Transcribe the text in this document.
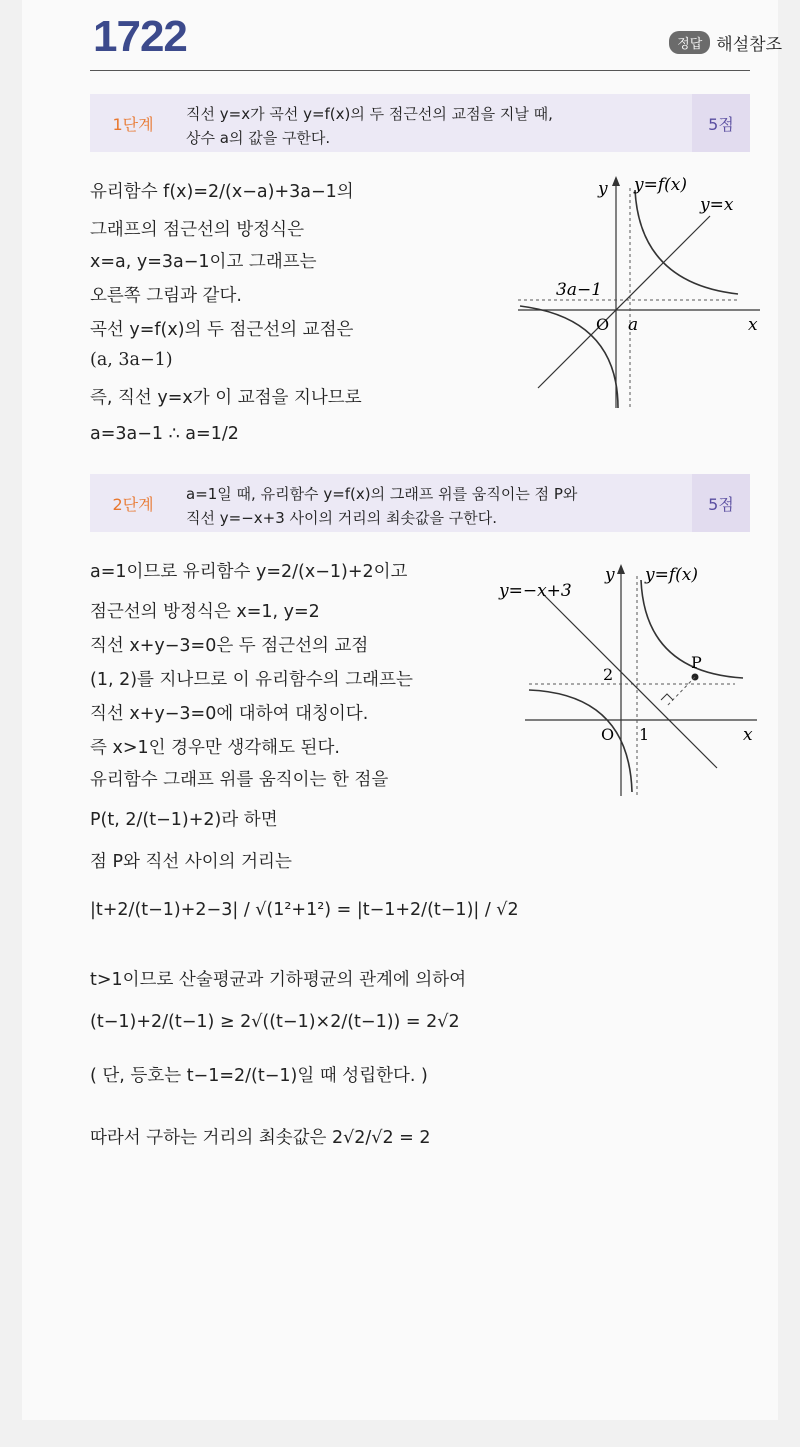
1722	정답 해설참조
1단계
직선 y=x가 곡선 y=f(x)의 두 점근선의 교점을 지날 때,
상수 a의 값을 구한다.
5점
유리함수 f(x)=2/(x−a)+3a−1의
그래프의 점근선의 방정식은
x=a, y=3a−1이고 그래프는
오른쪽 그림과 같다.
곡선 y=f(x)의 두 점근선의 교점은
(a, 3a−1)
즉, 직선 y=x가 이 교점을 지나므로
a=3a−1 ∴ a=1/2
y
x
O
y=f(x)
y=x
3a−1
a
2단계
a=1일 때, 유리함수 y=f(x)의 그래프 위를 움직이는 점 P와
직선 y=−x+3 사이의 거리의 최솟값을 구한다.
5점
a=1이므로 유리함수 y=2/(x−1)+2이고
점근선의 방정식은 x=1, y=2
직선 x+y−3=0은 두 점근선의 교점
(1, 2)를 지나므로 이 유리함수의 그래프는
직선 x+y−3=0에 대하여 대칭이다.
즉 x>1인 경우만 생각해도 된다.
유리함수 그래프 위를 움직이는 한 점을
P(t, 2/(t−1)+2)라 하면
점 P와 직선 사이의 거리는
|t+2/(t−1)+2−3| / √(1²+1²) = |t−1+2/(t−1)| / √2
t>1이므로 산술평균과 기하평균의 관계에 의하여
(t−1)+2/(t−1) ≥ 2√((t−1)×2/(t−1)) = 2√2
( 단, 등호는 t−1=2/(t−1)일 때 성립한다. )
따라서 구하는 거리의 최솟값은 2√2/√2 = 2
y
x
O
y=f(x)
y=−x+3
2
1
P
